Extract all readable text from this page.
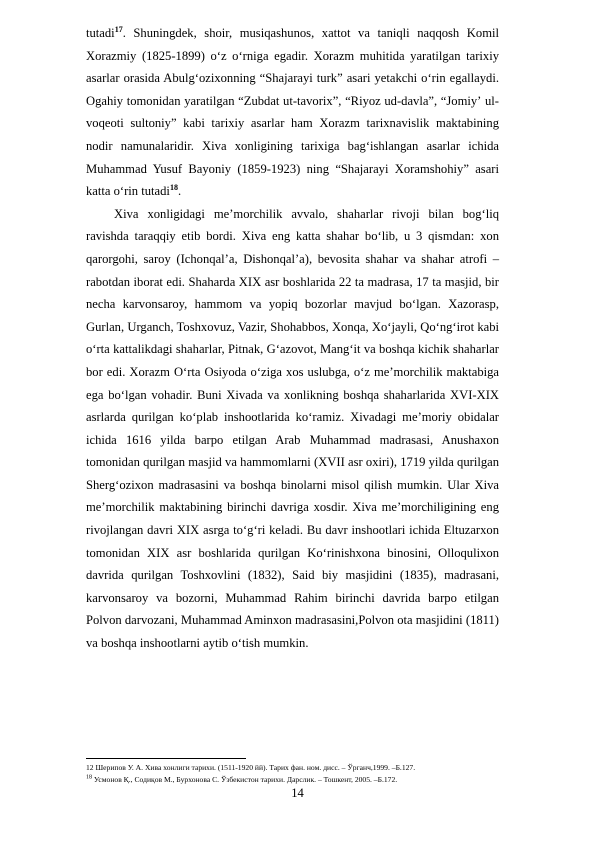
tutadi$^{17}$. Shuningdek, shoir, musiqashunos, xattot va taniqli naqqosh Komil Xorazmiy (1825-1899) oʻz oʻrniga egadir. Xorazm muhitida yaratilgan tarixiy asarlar orasida Abulgʻozixonning “Shajarayi turk” asari yetakchi oʻrin egallaydi. Ogahiy tomonidan yaratilgan “Zubdat ut-tavorix”, “Riyoz ud-davla”, “Jomiyʼ ul-voqeoti sultoniy” kabi tarixiy asarlar ham Xorazm tarixnavislik maktabining nodir namunalaridir. Xiva xonligining tarixiga bagʻishlangan asarlar ichida Muhammad Yusuf Bayoniy (1859-1923) ning “Shajarayi Xoramshohiy” asari katta oʻrin tutadi$^{18}$.

Xiva xonligidagi meʼmorchilik avvalo, shaharlar rivoji bilan bogʻliq ravishda taraqqiy etib bordi. Xiva eng katta shahar boʻlib, u 3 qismdan: xon qarorgohi, saroy (Ichonqalʼa, Dishonqalʼa), bevosita shahar va shahar atrofi – rabotdan iborat edi. Shaharda XIX asr boshlarida 22 ta madrasa, 17 ta masjid, bir necha karvonsaroy, hammom va yopiq bozorlar mavjud boʻlgan. Xazorasp, Gurlan, Urganch, Toshxovuz, Vazir, Shohabbos, Xonqa, Xoʻjayli, Qoʻngʻirot kabi oʻrta kattalikdagi shaharlar, Pitnak, Gʻazovot, Mangʻit va boshqa kichik shaharlar bor edi. Xorazm Oʻrta Osiyoda oʻziga xos uslubga, oʻz meʼmorchilik maktabiga ega boʻlgan vohadir. Buni Xivada va xonlikning boshqa shaharlarida XVI-XIX asrlarda qurilgan koʻplab inshootlarida koʻramiz. Xivadagi meʼmoriy obidalar ichida 1616 yilda barpo etilgan Arab Muhammad madrasasi, Anushaxon tomonidan qurilgan masjid va hammomlarni (XVII asr oxiri), 1719 yilda qurilgan Shergʻozixon madrasasini va boshqa binolarni misol qilish mumkin. Ular Xiva meʼmorchilik maktabining birinchi davriga xosdir. Xiva meʼmorchiligining eng rivojlangan davri XIX asrga toʻgʻri keladi. Bu davr inshootlari ichida Eltuzarxon tomonidan XIX asr boshlarida qurilgan Koʻrinishxona binosini, Olloqulixon davrida qurilgan Toshxovlini (1832), Said biy masjidini (1835), madrasani, karvonsaroy va bozorni, Muhammad Rahim birinchi davrida barpo etilgan Polvon darvozani, Muhammad Aminxon madrasasini,Polvon ota masjidini (1811) va boshqa inshootlarni aytib oʻtish mumkin.

12 Шерипов У. А. Хива хонлиги тарихи. (1511-1920 йй). Тарих фан. ном. дисс. – Ўрганч,1999. –Б.127.
$^{18}$ Усмонов Қ., Содиқов М., Бурхонова С. Ўзбекистон тарихи. Дарслик. – Тошкент, 2005. –Б.172.
14
